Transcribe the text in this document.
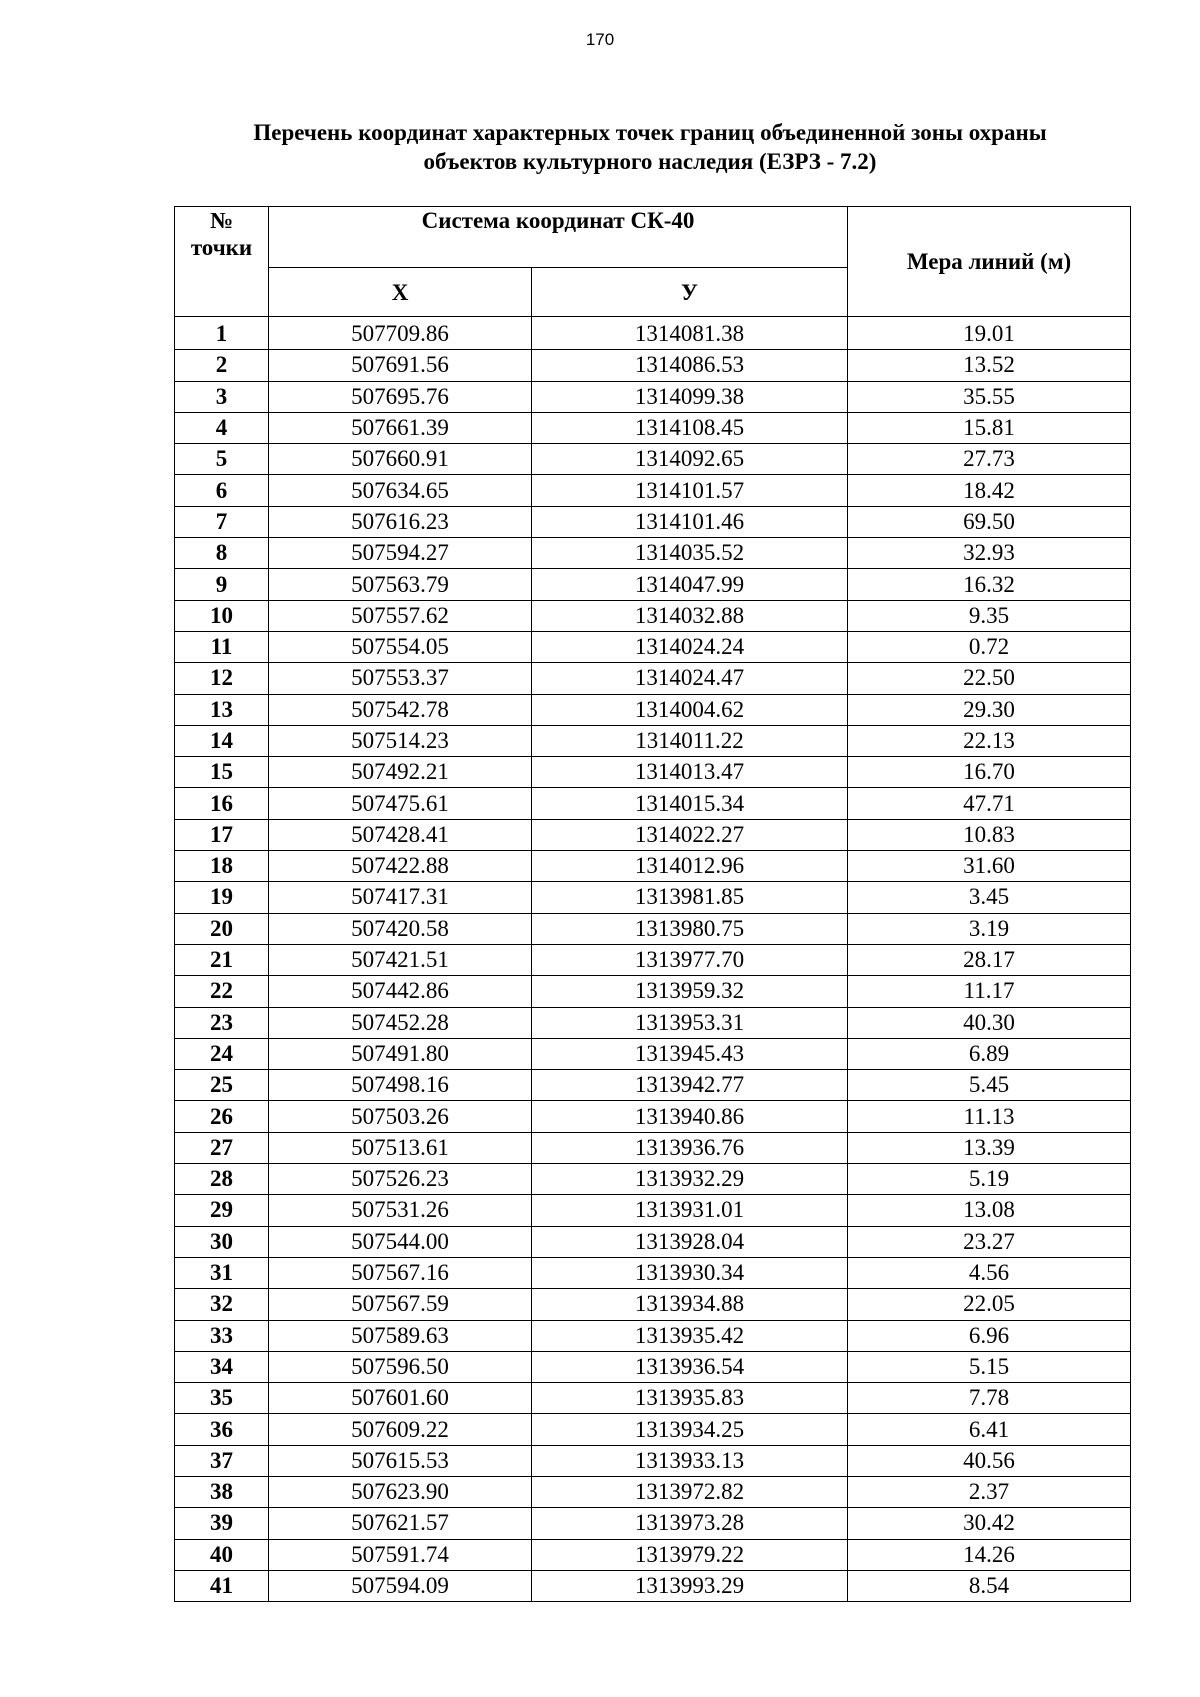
170
Перечень координат характерных точек границ объединенной зоны охраны
объектов культурного наследия (ЕЗРЗ - 7.2)
№
точки	Система координат СК-40		Мера линий (м)
	Х	У	
1	507709.86	1314081.38	19.01
2	507691.56	1314086.53	13.52
3	507695.76	1314099.38	35.55
4	507661.39	1314108.45	15.81
5	507660.91	1314092.65	27.73
6	507634.65	1314101.57	18.42
7	507616.23	1314101.46	69.50
8	507594.27	1314035.52	32.93
9	507563.79	1314047.99	16.32
10	507557.62	1314032.88	9.35
11	507554.05	1314024.24	0.72
12	507553.37	1314024.47	22.50
13	507542.78	1314004.62	29.30
14	507514.23	1314011.22	22.13
15	507492.21	1314013.47	16.70
16	507475.61	1314015.34	47.71
17	507428.41	1314022.27	10.83
18	507422.88	1314012.96	31.60
19	507417.31	1313981.85	3.45
20	507420.58	1313980.75	3.19
21	507421.51	1313977.70	28.17
22	507442.86	1313959.32	11.17
23	507452.28	1313953.31	40.30
24	507491.80	1313945.43	6.89
25	507498.16	1313942.77	5.45
26	507503.26	1313940.86	11.13
27	507513.61	1313936.76	13.39
28	507526.23	1313932.29	5.19
29	507531.26	1313931.01	13.08
30	507544.00	1313928.04	23.27
31	507567.16	1313930.34	4.56
32	507567.59	1313934.88	22.05
33	507589.63	1313935.42	6.96
34	507596.50	1313936.54	5.15
35	507601.60	1313935.83	7.78
36	507609.22	1313934.25	6.41
37	507615.53	1313933.13	40.56
38	507623.90	1313972.82	2.37
39	507621.57	1313973.28	30.42
40	507591.74	1313979.22	14.26
41	507594.09	1313993.29	8.54
